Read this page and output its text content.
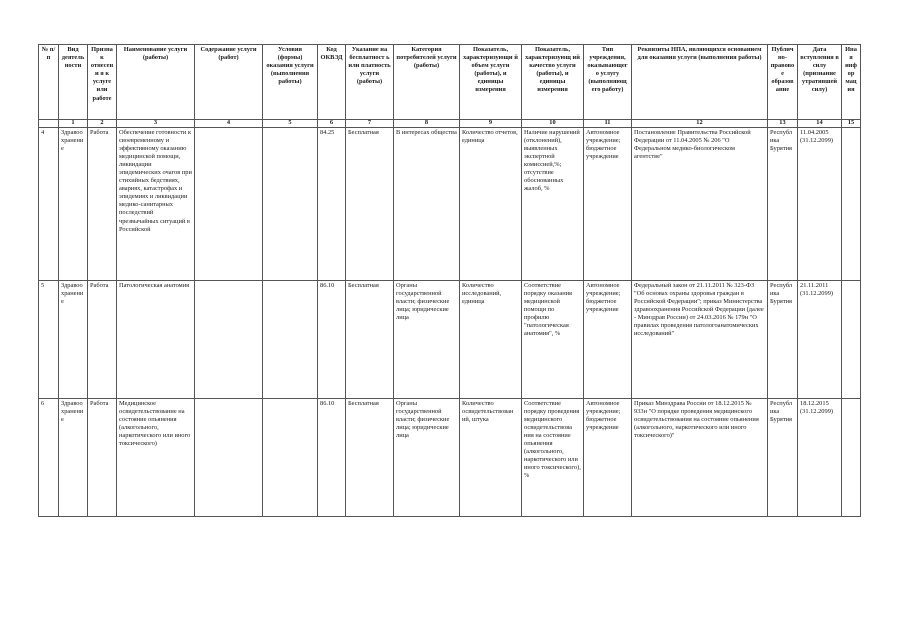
№ п/п	Вид деятель ности	Призна к отнесени я к услуге или работе	Наименование услуги (работы)	Содержание услуги (работ)	Условия (формы) оказания услуги (выполнения работы)	Код ОКВЭД	Указание на бесплатност ь или платность услуги (работы)	Категория потребителей услуги (работы)	Показатель, характеризующи й объем услуги (работы), и единицы измерения	Показатель, характеризующ ий качество услуги (работы), и единицы измерения	Тип учреждения, оказывающег о услугу (выполняющ его работу)	Реквизиты НПА, являющихся основанием для оказания услуги (выполнения работы)	Публич но-правово е образов ание	Дата вступления в силу (признание утратившей силу)	Иная инфор мация
	1	2	3	4	5	6	7	8	9	10	11	12	13	14	15
4	Здравоо хранени е	Работа	Обеспечение готовности к своевременному и эффективному оказанию медицинской помощи, ликвидации эпидемических очагов при стихийных бедствиях, авариях, катастрофах и эпидемиях и ликвидации медико-санитарных последствий чрезвычайных ситуаций в Российской			84.25	Бесплатная	В интересах общества	Количество отчетов, единица	Наличие нарушений (отклонений), выявленных экспертной комиссией,%; отсутствие обоснованных жалоб, %	Автономное учреждение; бюджетное учреждение	Постановление Правительства Российской Федерации от 11.04.2005 № 206 "О Федеральном медико-биологическом агентстве"	Республ ика Бурятия	11.04.2005 (31.12.2099)	
5	Здравоо хранени е	Работа	Патологическая анатомия			86.10	Бесплатная	Органы государственной власти; физические лица; юридические лица	Количество исследований, единица	Соответствие порядку оказания медицинской помощи по профилю "патологическая анатомия", %	Автономное учреждение; бюджетное учреждение	Федеральный закон от 21.11.2011 № 323-ФЗ "Об основах охраны здоровья граждан в Российской Федерации"; приказ Министерства здравоохранения Российской Федерации (далее - Минздрав России) от 24.03.2016 № 179н "О правилах проведения патологоанатомических исследований"	Республ ика Бурятия	21.11.2011 (31.12.2099)	
6	Здравоо хранени е	Работа	Медицинское освидетельствование на состояние опьянения (алкогольного, наркотического или иного токсического)			86.10	Бесплатная	Органы государственной власти; физические лица; юридические лица	Количество освидетельствован ий, штука	Соответствие порядку проведения медицинского освидетельствова ния на состояние опьянения (алкогольного, наркотического или иного токсического), %	Автономное учреждение; бюджетное учреждение	Приказ Минздрава России от 18.12.2015 № 933н "О порядке проведения медицинского освидетельствования на состояние опьянения (алкогольного, наркотического или иного токсического)"	Республ ика Бурятия	18.12.2015 (31.12.2099)	
